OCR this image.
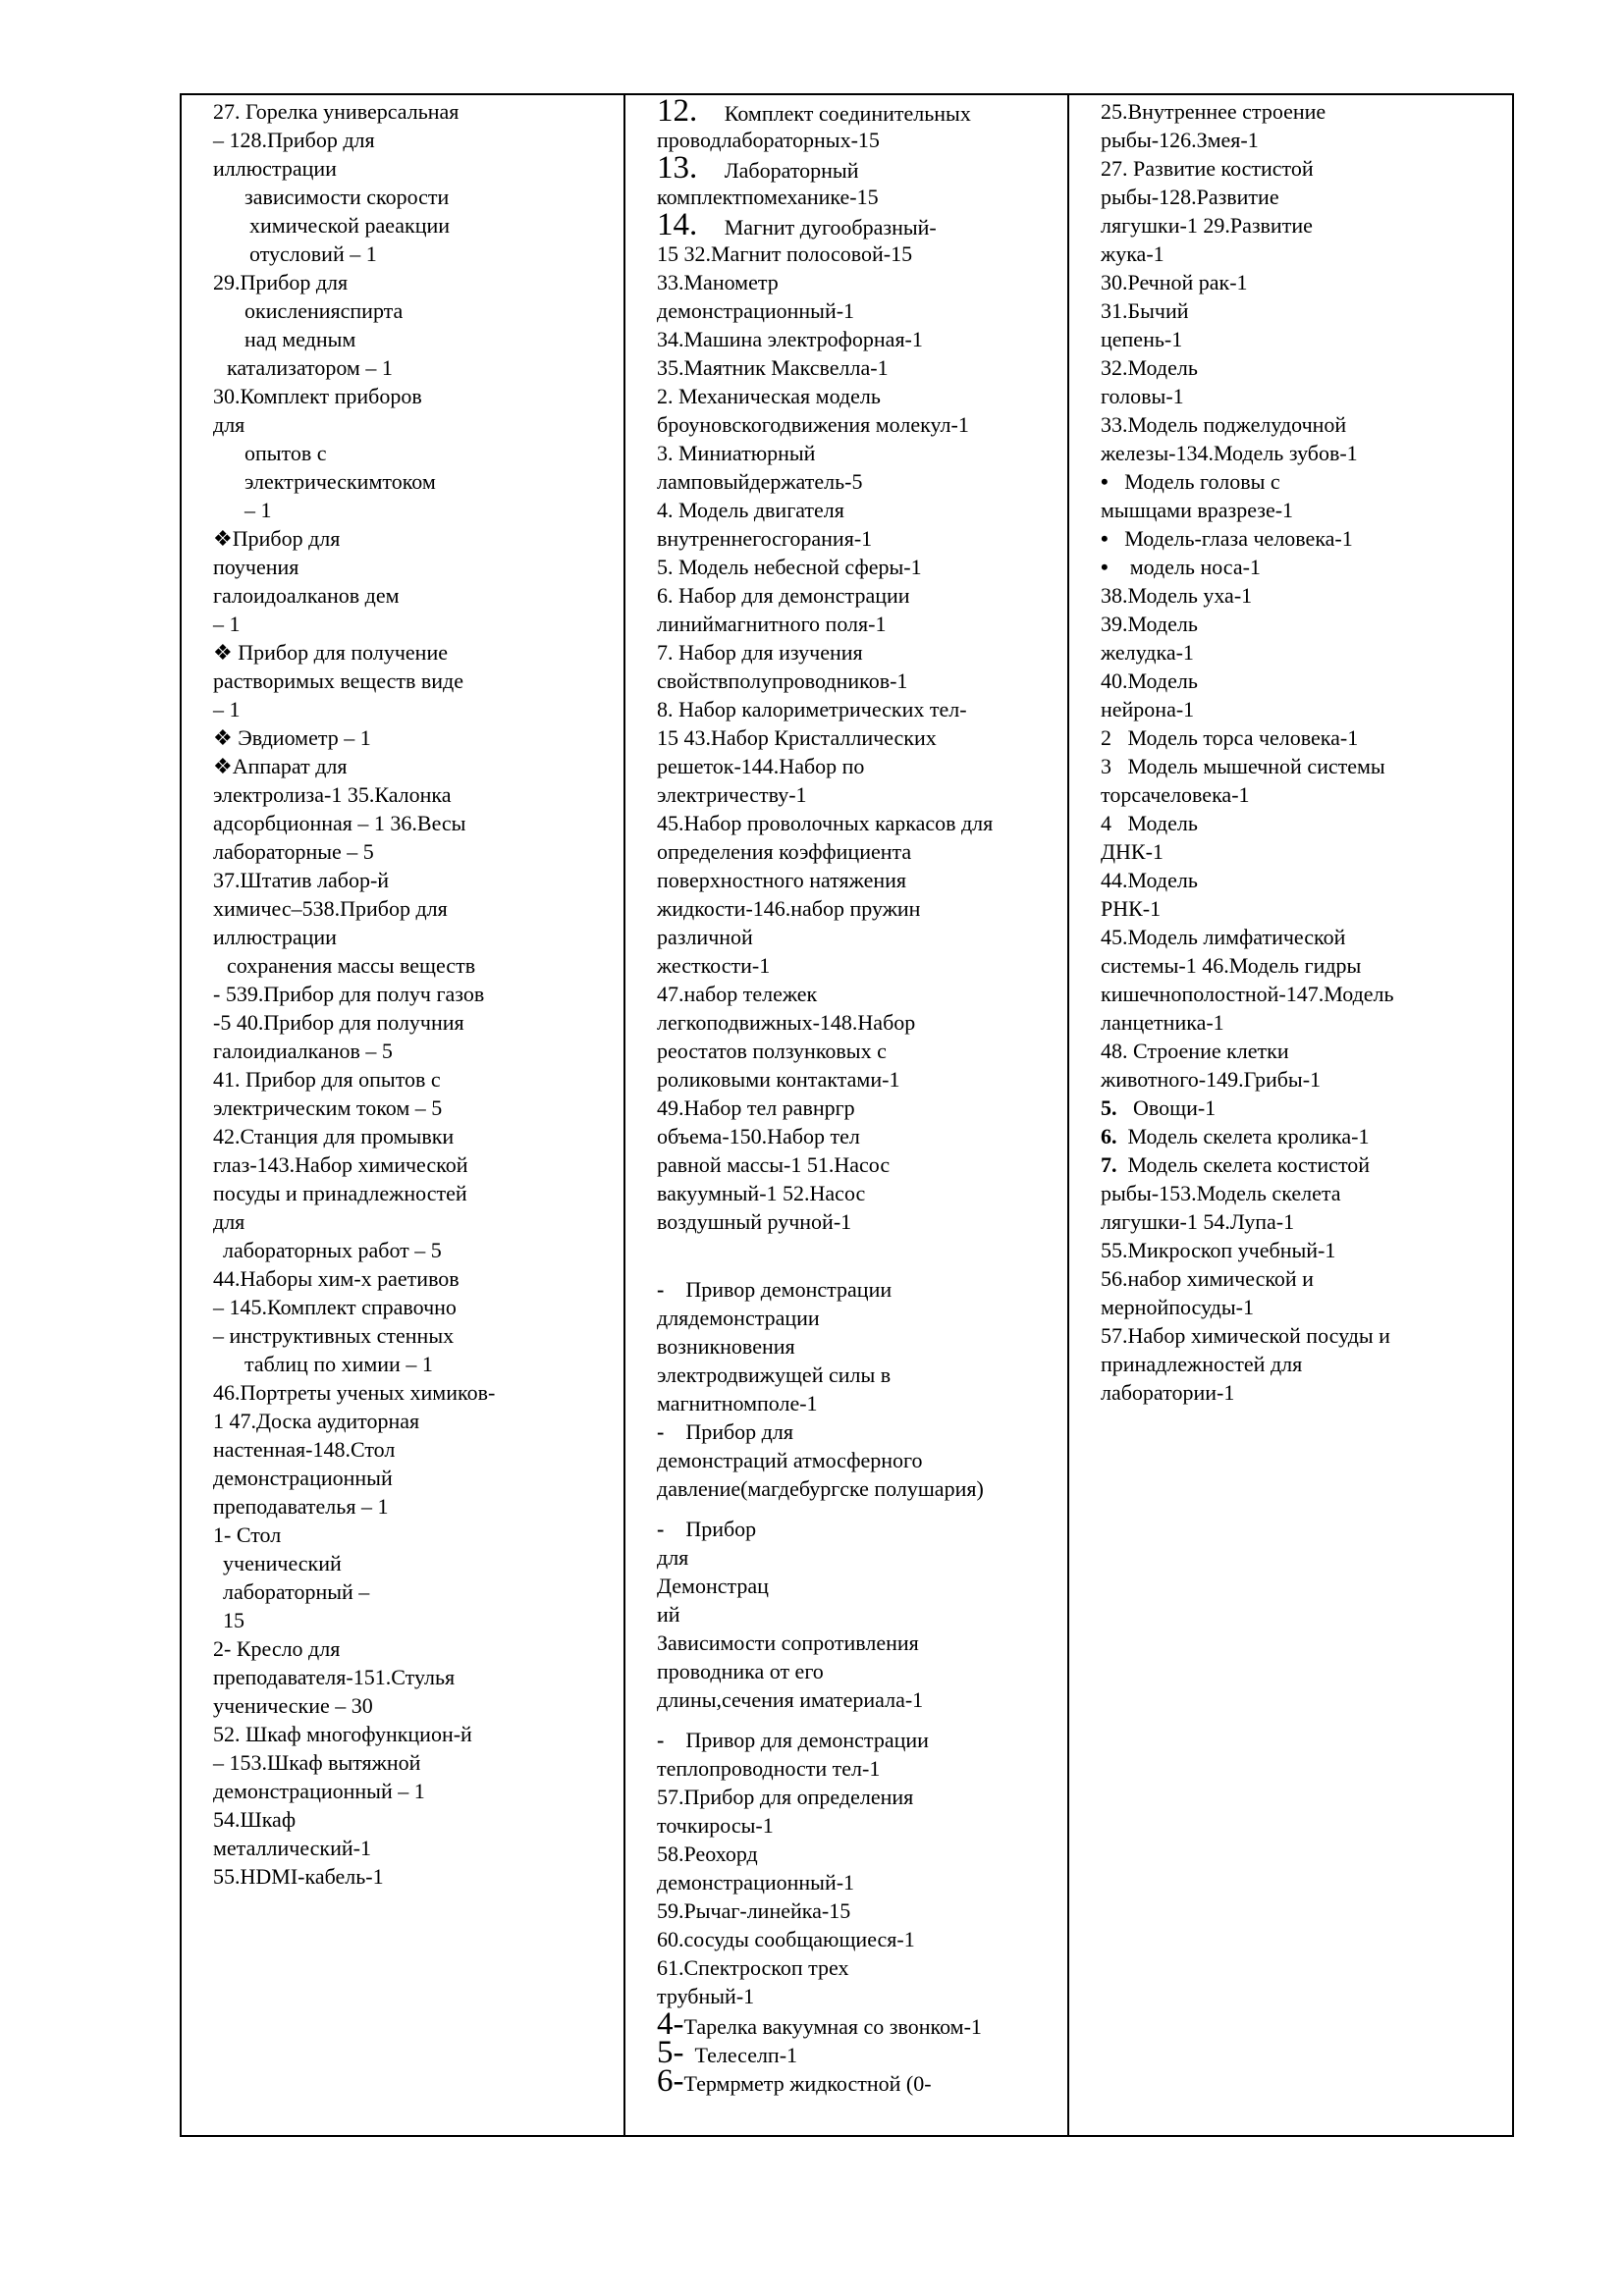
27. Горелка универсальная
– 128.Прибор для
иллюстрации
зависимости скорости
химической раеакции
отусловий – 1
29.Прибор для
окисленияспирта
над медным
катализатором – 1
30.Комплект приборов
для
опытов с
электрическимтоком
– 1
❖Прибор для
поучения
галоидоалканов дем
– 1
❖ Прибор для получение
растворимых веществ виде
– 1
❖ Эвдиометр – 1
❖Аппарат для
электролиза-1 35.Калонка
адсорбционная – 1 36.Весы
лабораторные – 5
37.Штатив лабор-й
химичес–538.Прибор для
иллюстрации
сохранения массы веществ
- 539.Прибор для получ газов
-5 40.Прибор для получния
галоидиалканов – 5
41. Прибор для опытов с
электрическим током – 5
42.Станция для промывки
глаз-143.Набор химической
посуды и принадлежностей
для
лабораторных работ – 5
44.Наборы хим-х раетивов
– 145.Комплект справочно
– инструктивных стенных
таблиц по химии – 1
46.Портреты ученых химиков-
1 47.Доска аудиторная
настенная-148.Стол
демонстрационный
преподавателья – 1
1- Стол
ученический
лабораторный –
15
2- Кресло для
преподавателя-151.Стулья
ученические – 30
52. Шкаф многофункцион-й
– 153.Шкаф вытяжной
демонстрационный – 1
54.Шкаф
металлический-1
55.HDMI-кабель-1
12. Комплект соединительных
проводлабораторных-15
13. Лабораторный
комплектпомеханике-15
14. Магнит дугообразный-
15 32.Магнит полосовой-15
33.Манометр
демонстрационный-1
34.Машина электрофорная-1
35.Маятник Максвелла-1
2. Механическая модель
броуновскогодвижения молекул-1
3. Миниатюрный
ламповыйдержатель-5
4. Модель двигателя
внутреннегосгорания-1
5. Модель небесной сферы-1
6. Набор для демонстрации
линиймагнитного поля-1
7. Набор для изучения
свойствполупроводников-1
8. Набор калориметрических тел-
15 43.Набор Кристаллических
решеток-144.Набор по
электричеству-1
45.Набор проволочных каркасов для
определения коэффициента
поверхностного натяжения
жидкости-146.набор пружин
различной
жесткости-1
47.набор тележек
легкоподвижных-148.Набор
реостатов ползунковых с
роликовыми контактами-1
49.Набор тел равнргр
объема-150.Набор тел
равной массы-1 51.Насос
вакуумный-1 52.Насос
воздушный ручной-1
- Привор демонстрации
длядемонстрации
возникновения
электродвижущей силы в
магнитномполе-1
- Прибор для
демонстраций атмосферного
давление(магдебургске полушария)
- Прибор
для
Демонстрац
ий
Зависимости сопротивления
проводника от его
длины,сечения иматериала-1
- Привор для демонстрации
теплопроводности тел-1
57.Прибор для определения
точкиросы-1
58.Реохорд
демонстрационный-1
59.Рычаг-линейка-15
60.сосуды сообщающиеся-1
61.Спектроскоп трех
трубный-1
4-Тарелка вакуумная со звонком-1
5- Телеселп-1
6-Термрметр жидкостной (0-
25.Внутреннее строение
рыбы-126.Змея-1
27. Развитие костистой
рыбы-128.Развитие
лягушки-1 29.Развитие
жука-1
30.Речной рак-1
31.Бычий
цепень-1
32.Модель
головы-1
33.Модель поджелудочной
железы-134.Модель зубов-1
• Модель головы с
мышцами вразрезе-1
• Модель-глаза человека-1
• модель носа-1
38.Модель уха-1
39.Модель
желудка-1
40.Модель
нейрона-1
2 Модель торса человека-1
3 Модель мышечной системы
торсачеловека-1
4 Модель
ДНК-1
44.Модель
РНК-1
45.Модель лимфатической
системы-1 46.Модель гидры
кишечнополостной-147.Модель
ланцетника-1
48. Строение клетки
животного-149.Грибы-1
5. Овощи-1
6. Модель скелета кролика-1
7. Модель скелета костистой
рыбы-153.Модель скелета
лягушки-1 54.Лупа-1
55.Микроскоп учебный-1
56.набор химической и
мернойпосуды-1
57.Набор химической посуды и
принадлежностей для
лаборатории-1
